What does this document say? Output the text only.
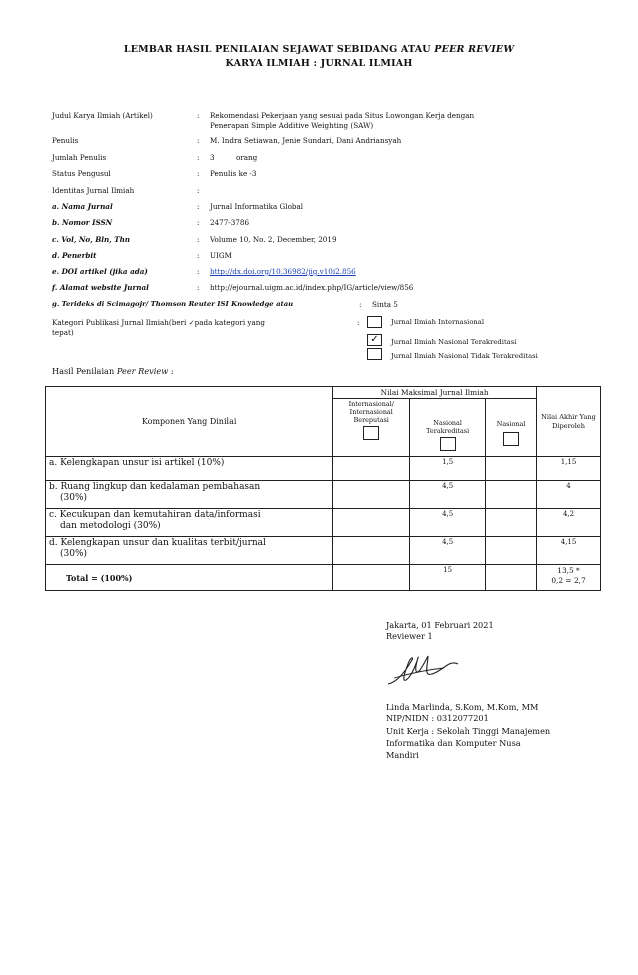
LEMBAR HASIL PENILAIAN SEJAWAT SEBIDANG ATAU PEER REVIEW
KARYA ILMIAH : JURNAL ILMIAH
Judul Karya Ilmiah (Artikel)	: Rekomendasi Pekerjaan yang sesuai pada Situs Lowongan Kerja dengan
Penerapan Simple Additive Weighting (SAW)
Penulis	: M. Indra Setiawan, Jenie Sundari, Dani Andriansyah
Jumlah Penulis	: 3	orang
Status Pengusul	: Penulis ke -3
Identitas Jurnal Ilmiah	:
a. Nama Jurnal	: Jurnal Informatika Global
b. Nomor ISSN	: 2477-3786
c. Vol, No, Bln, Thn	: Volume 10, No. 2, December, 2019
d. Penerbit	: UIGM
e. DOI artikel (jika ada)	: http://dx.doi.org/10.36982/jig.v10i2.856
f. Alamat website Jurnal	: http://ejournal.uigm.ac.id/index.php/IG/article/view/856
g. Terideks di Scimagojr/ Thomson Reuter ISI Knowledge atau	: Sinta 5
Kategori Publikasi Jurnal Ilmiah(beri ✓pada kategori yang
tepat)
:	Jurnal Ilmiah Internasional
✓	Jurnal Ilmiah Nasional Terakreditasi
Jurnal Ilmiah Nasional Tidak Terakreditasi
Hasil Penilaian Peer Review :
Komponen Yang Dinilai	Nilai Maksimal Jurnal Ilmiah			Nilai Akhir Yang Diperoleh

	Internasional/ Internasional Bereputasi	Nasional Terakreditasi	Nasional	

a. Kelengkapan unsur isi artikel (10%)		1,5		1,15

b. Ruang lingkup dan kedalaman pembahasan
(30%)		4,5		4

c. Kecukupan dan kemutahiran data/informasi
dan metodologi (30%)		4,5		4,2

d. Kelengkapan unsur dan kualitas terbit/jurnal
(30%)		4,5		4,15
Total = (100%)		15		13,5 *
0,2 = 2,7
Jakarta, 01 Februari 2021
Reviewer 1
Linda Marlinda, S.Kom, M.Kom, MM
NIP/NIDN : 0312077201
Unit Kerja : Sekolah Tinggi Manajemen
Informatika dan Komputer Nusa
Mandiri
